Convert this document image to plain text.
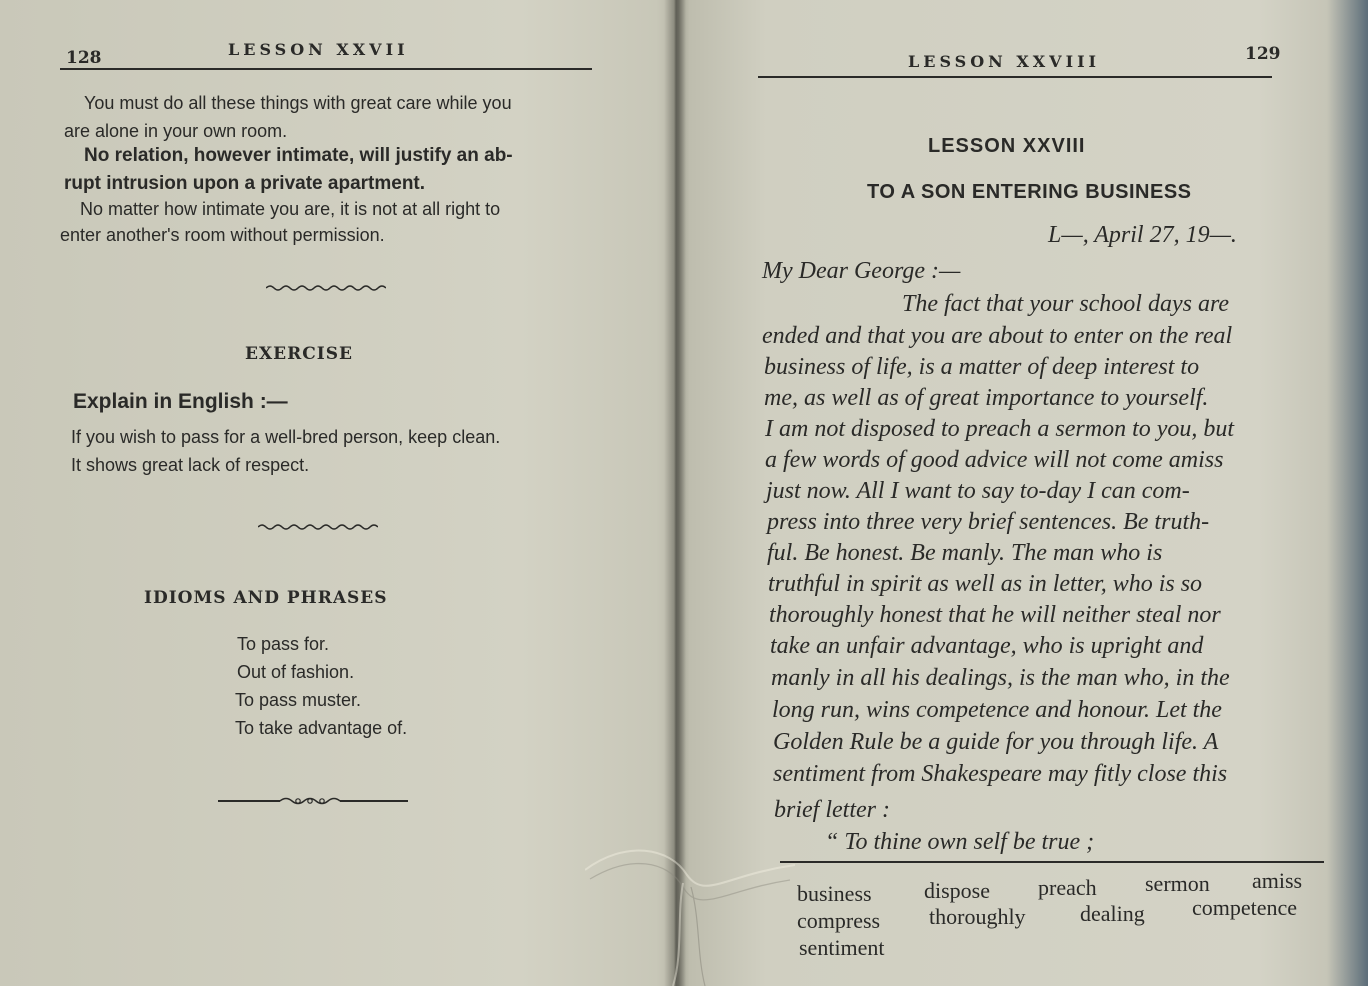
128	LESSON XXVII
You must do all these things with great care while you
are alone in your own room.
No relation, however intimate, will justify an ab-
rupt intrusion upon a private apartment.
No matter how intimate you are, it is not at all right to
enter another's room without permission.
EXERCISE
Explain in English :—
If you wish to pass for a well-bred person, keep clean.
It shows great lack of respect.
IDIOMS AND PHRASES
To pass for.
Out of fashion.
To pass muster.
To take advantage of.
LESSON XXVIII	129
LESSON XXVIII
TO A SON ENTERING BUSINESS
L—, April 27, 19—.
My Dear George :—
The fact that your school days are
ended and that you are about to enter on the real
business of life, is a matter of deep interest to
me, as well as of great importance to yourself.
I am not disposed to preach a sermon to you, but
a few words of good advice will not come amiss
just now. All I want to say to-day I can com-
press into three very brief sentences. Be truth-
ful. Be honest. Be manly. The man who is
truthful in spirit as well as in letter, who is so
thoroughly honest that he will neither steal nor
take an unfair advantage, who is upright and
manly in all his dealings, is the man who, in the
long run, wins competence and honour. Let the
Golden Rule be a guide for you through life. A
sentiment from Shakespeare may fitly close this
brief letter :
“ To thine own self be true ;
business dispose preach sermon amiss
compress thoroughly dealing competence
sentiment
